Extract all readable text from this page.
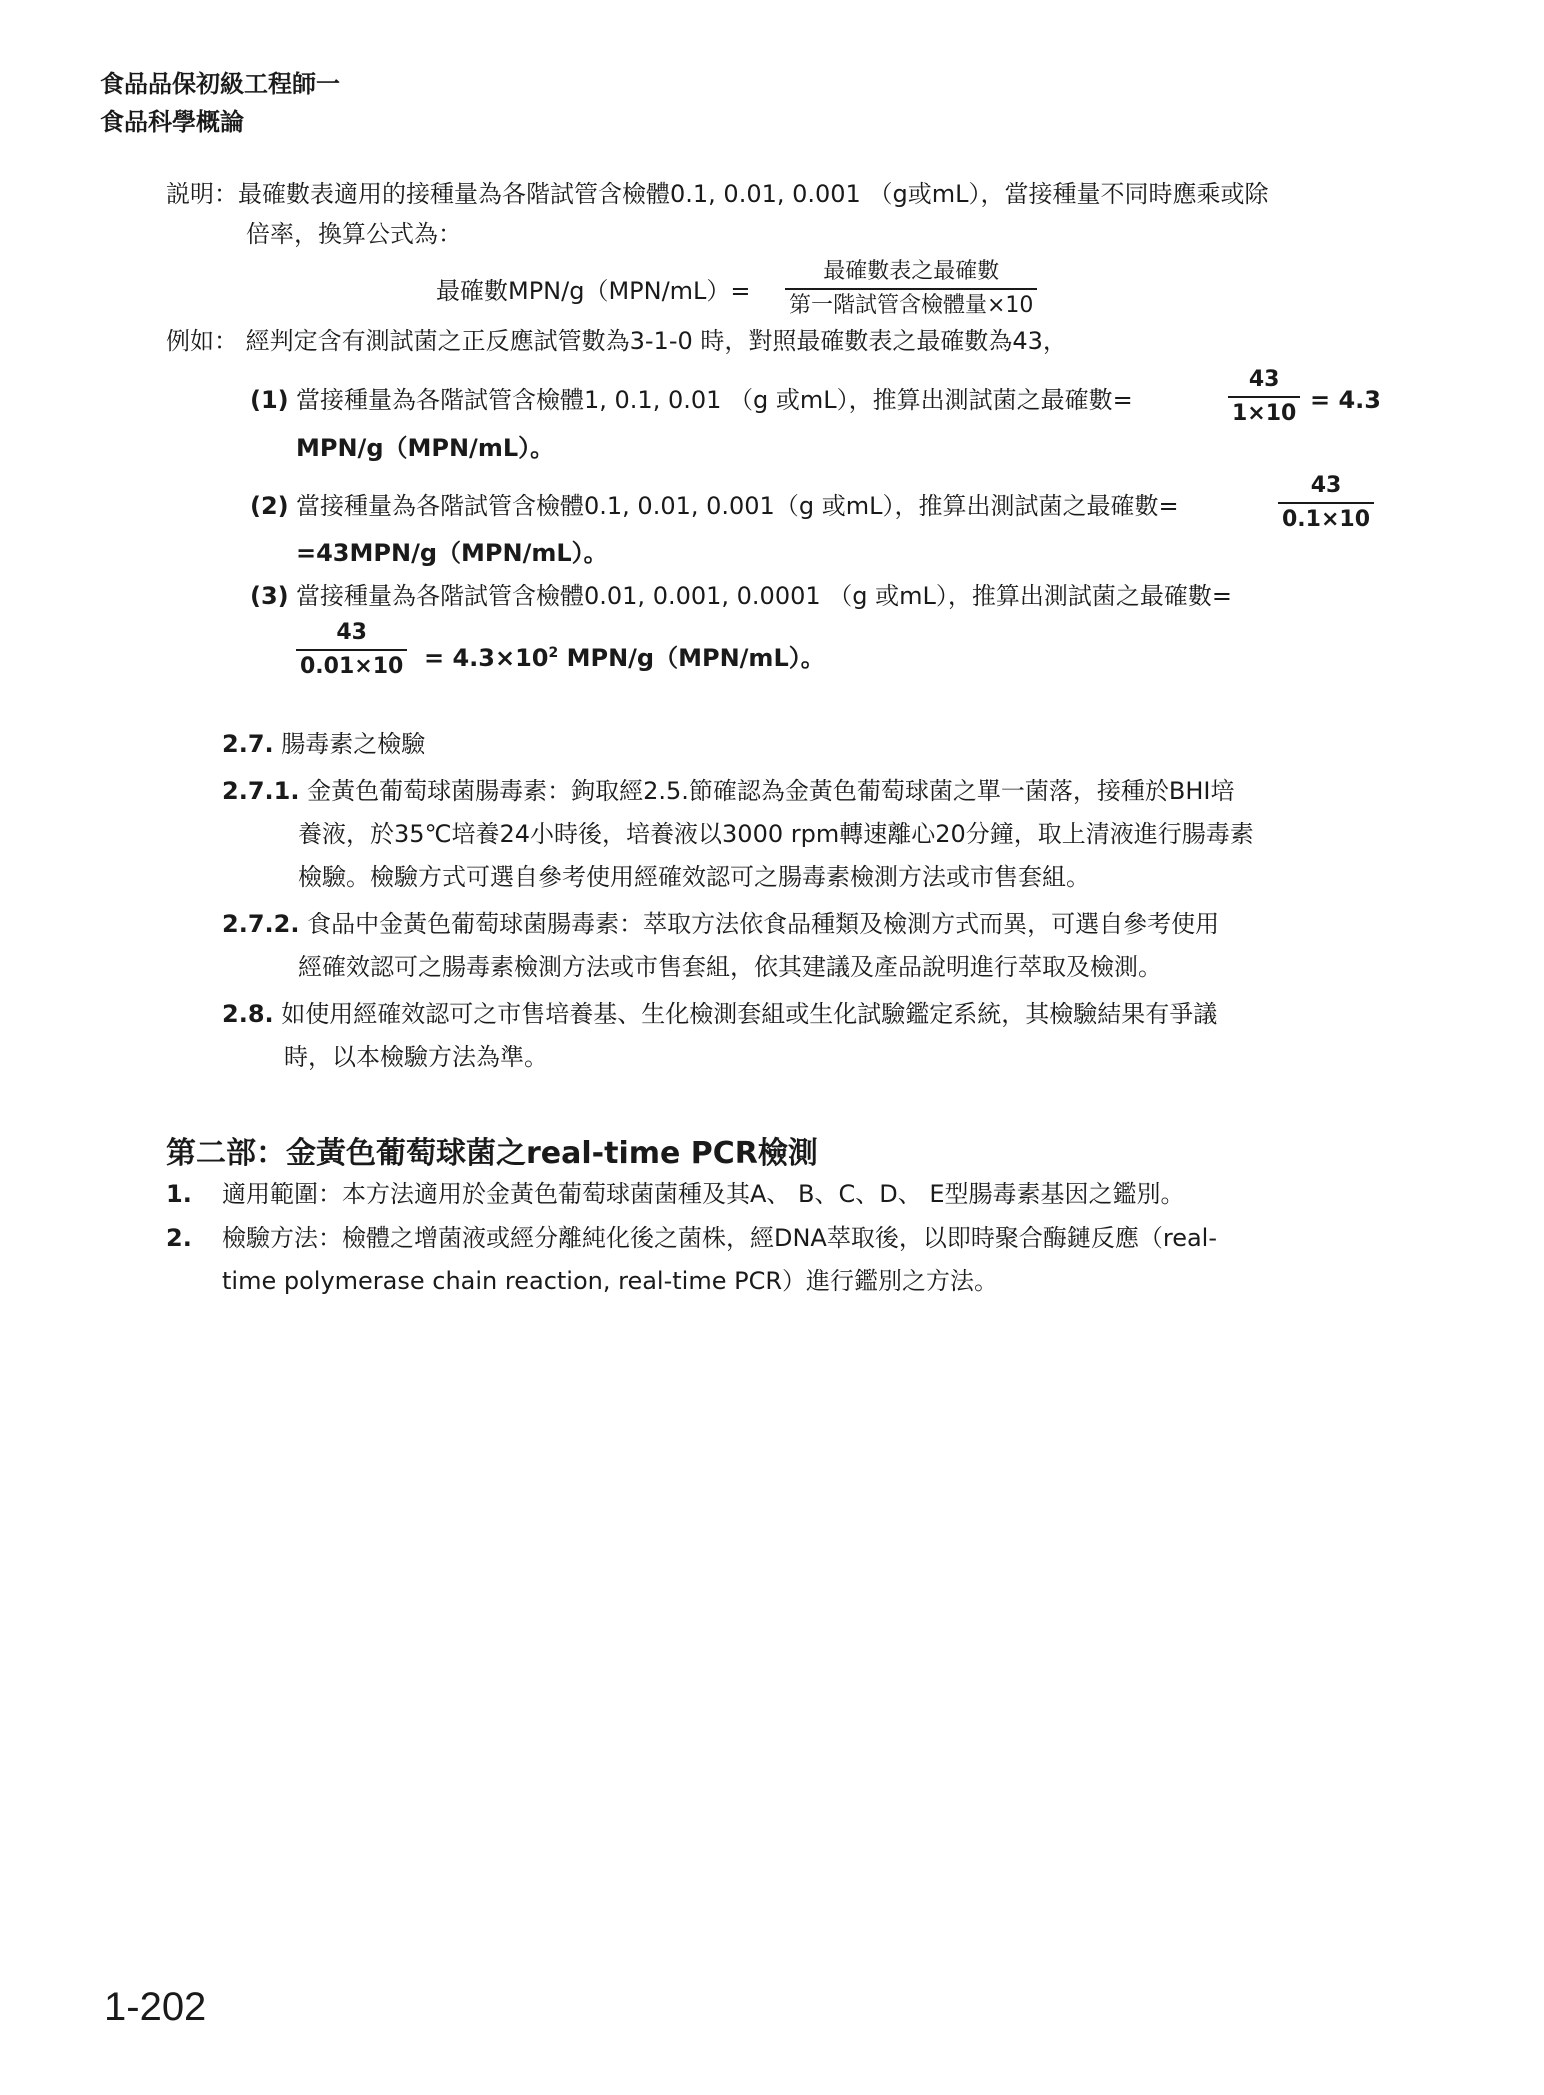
食品品保初級工程師一
食品科學概論
説明：最確數表適用的接種量為各階試管含檢體0.1, 0.01, 0.001 （g或mL），當接種量不同時應乘或除
倍率，換算公式為：
最確數MPN/g（MPN/mL）=
最確數表之最確數
第一階試管含檢體量×10
例如： 經判定含有測試菌之正反應試管數為3-1-0 時，對照最確數表之最確數為43，
(1) 當接種量為各階試管含檢體1, 0.1, 0.01 （g 或mL），推算出測試菌之最確數=	$\frac{43}{1\times 10} = 4.3$
MPN/g（MPN/mL）。
(2) 當接種量為各階試管含檢體0.1, 0.01, 0.001（g 或mL），推算出測試菌之最確數=	$\frac{43}{0.1\times 10}$
=43MPN/g（MPN/mL）。
(3) 當接種量為各階試管含檢體0.01, 0.001, 0.0001 （g 或mL），推算出測試菌之最確數=
$\frac{43}{0.01\times 10} = 4.3\times 10^2$ MPN/g（MPN/mL）。
2.7. 腸毒素之檢驗
2.7.1. 金黃色葡萄球菌腸毒素：鉤取經2.5.節確認為金黃色葡萄球菌之單一菌落，接種於BHI培
養液，於35℃培養24小時後，培養液以3000 rpm轉速離心20分鐘，取上清液進行腸毒素
檢驗。檢驗方式可選自參考使用經確效認可之腸毒素檢測方法或市售套組。
2.7.2. 食品中金黃色葡萄球菌腸毒素：萃取方法依食品種類及檢測方式而異，可選自參考使用
經確效認可之腸毒素檢測方法或市售套組，依其建議及產品說明進行萃取及檢測。
2.8. 如使用經確效認可之市售培養基、生化檢測套組或生化試驗鑑定系統，其檢驗結果有爭議
時，以本檢驗方法為準。
第二部：金黃色葡萄球菌之real-time PCR檢測
1. 適用範圍：本方法適用於金黃色葡萄球菌菌種及其A、 B、C、D、 E型腸毒素基因之鑑別。
2. 檢驗方法：檢體之增菌液或經分離純化後之菌株，經DNA萃取後，以即時聚合酶鏈反應（real-
time polymerase chain reaction, real-time PCR）進行鑑別之方法。
1-202
